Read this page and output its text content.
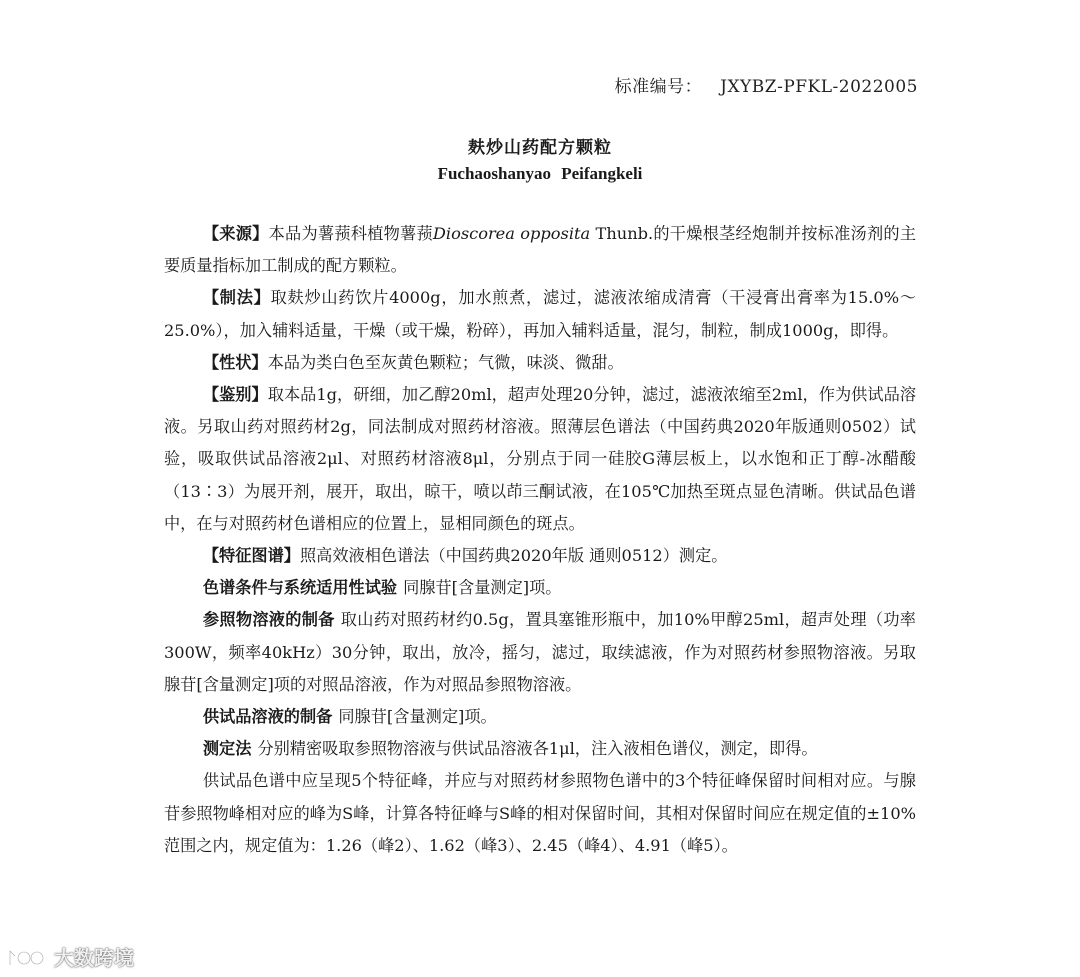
标准编号： JXYBZ-PFKL-2022005
麸炒山药配方颗粒
Fuchaoshanyao Peifangkeli

【来源】本品为薯蓣科植物薯蓣Dioscorea opposita Thunb.的干燥根茎经炮制并按标准汤剂的主要质量指标加工制成的配方颗粒。

【制法】取麸炒山药饮片4000g，加水煎煮，滤过，滤液浓缩成清膏（干浸膏出膏率为15.0%～25.0%），加入辅料适量，干燥（或干燥，粉碎），再加入辅料适量，混匀，制粒，制成1000g，即得。

【性状】本品为类白色至灰黄色颗粒；气微，味淡、微甜。

【鉴别】取本品1g，研细，加乙醇20ml，超声处理20分钟，滤过，滤液浓缩至2ml，作为供试品溶液。另取山药对照药材2g，同法制成对照药材溶液。照薄层色谱法（中国药典2020年版通则0502）试验，吸取供试品溶液2μl、对照药材溶液8μl，分别点于同一硅胶G薄层板上，以水饱和正丁醇-冰醋酸（13∶3）为展开剂，展开，取出，晾干，喷以茚三酮试液，在105℃加热至斑点显色清晰。供试品色谱中，在与对照药材色谱相应的位置上，显相同颜色的斑点。

【特征图谱】照高效液相色谱法（中国药典2020年版 通则0512）测定。

色谱条件与系统适用性试验 同腺苷[含量测定]项。

参照物溶液的制备 取山药对照药材约0.5g，置具塞锥形瓶中，加10%甲醇25ml，超声处理（功率300W，频率40kHz）30分钟，取出，放冷，摇匀，滤过，取续滤液，作为对照药材参照物溶液。另取腺苷[含量测定]项的对照品溶液，作为对照品参照物溶液。

供试品溶液的制备 同腺苷[含量测定]项。

测定法 分别精密吸取参照物溶液与供试品溶液各1μl，注入液相色谱仪，测定，即得。

供试品色谱中应呈现5个特征峰，并应与对照药材参照物色谱中的3个特征峰保留时间相对应。与腺苷参照物峰相对应的峰为S峰，计算各特征峰与S峰的相对保留时间，其相对保留时间应在规定值的±10%范围之内，规定值为：1.26（峰2）、1.62（峰3）、2.45（峰4）、4.91（峰5）。

大数跨境
